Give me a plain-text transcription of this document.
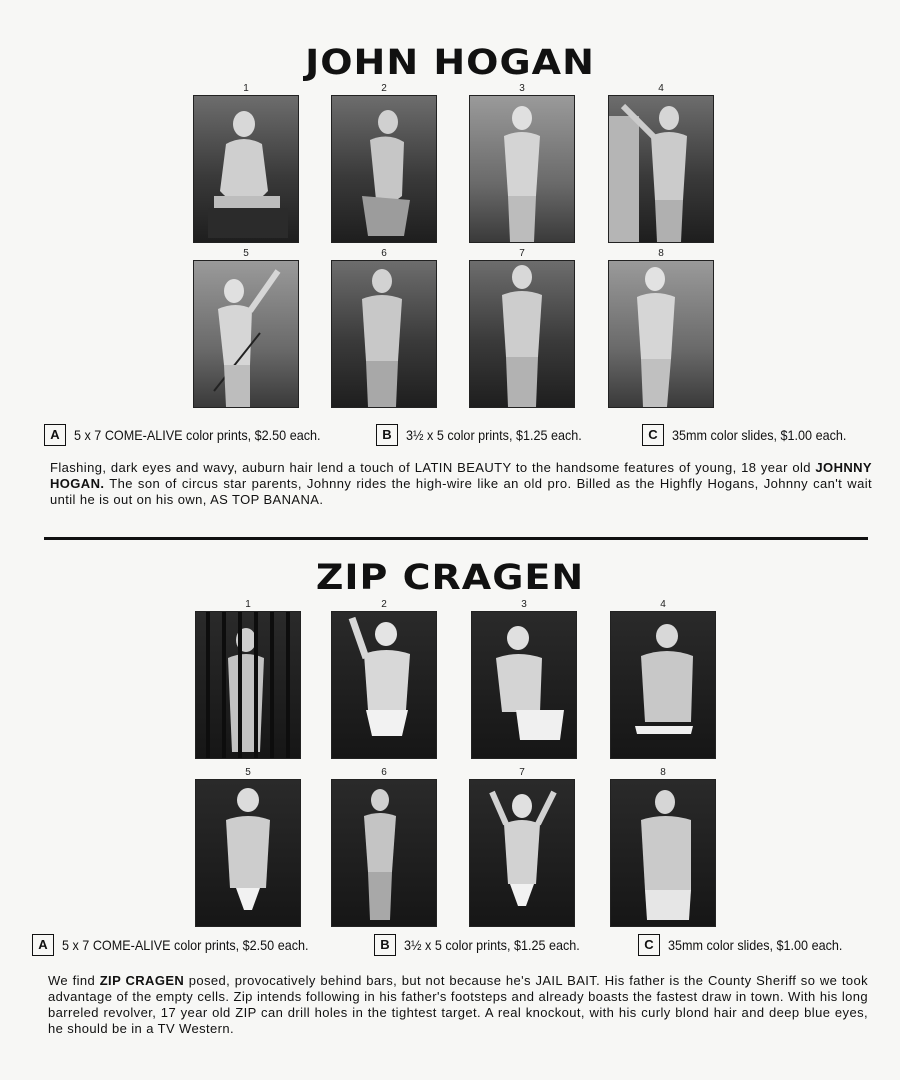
JOHN HOGAN
1	2	3	4
5	6	7	8
A	5 x 7 COME-ALIVE color prints, $2.50 each.	B	3½ x 5 color prints, $1.25 each.	C	35mm color slides, $1.00 each.
Flashing, dark eyes and wavy, auburn hair lend a touch of LATIN BEAUTY to the handsome features of young, 18 year old JOHNNY HOGAN. The son of circus star parents, Johnny rides the high-wire like an old pro. Billed as the Highfly Hogans, Johnny can't wait until he is out on his own, AS TOP BANANA.
ZIP CRAGEN
1	2	3	4
5	6	7	8
A	5 x 7 COME-ALIVE color prints, $2.50 each.	B	3½ x 5 color prints, $1.25 each.	C	35mm color slides, $1.00 each.
We find ZIP CRAGEN posed, provocatively behind bars, but not because he's JAIL BAIT. His father is the County Sheriff so we took advantage of the empty cells. Zip intends following in his father's footsteps and already boasts the fastest draw in town. With his long barreled revolver, 17 year old ZIP can drill holes in the tightest target. A real knockout, with his curly blond hair and deep blue eyes, he should be in a TV Western.
